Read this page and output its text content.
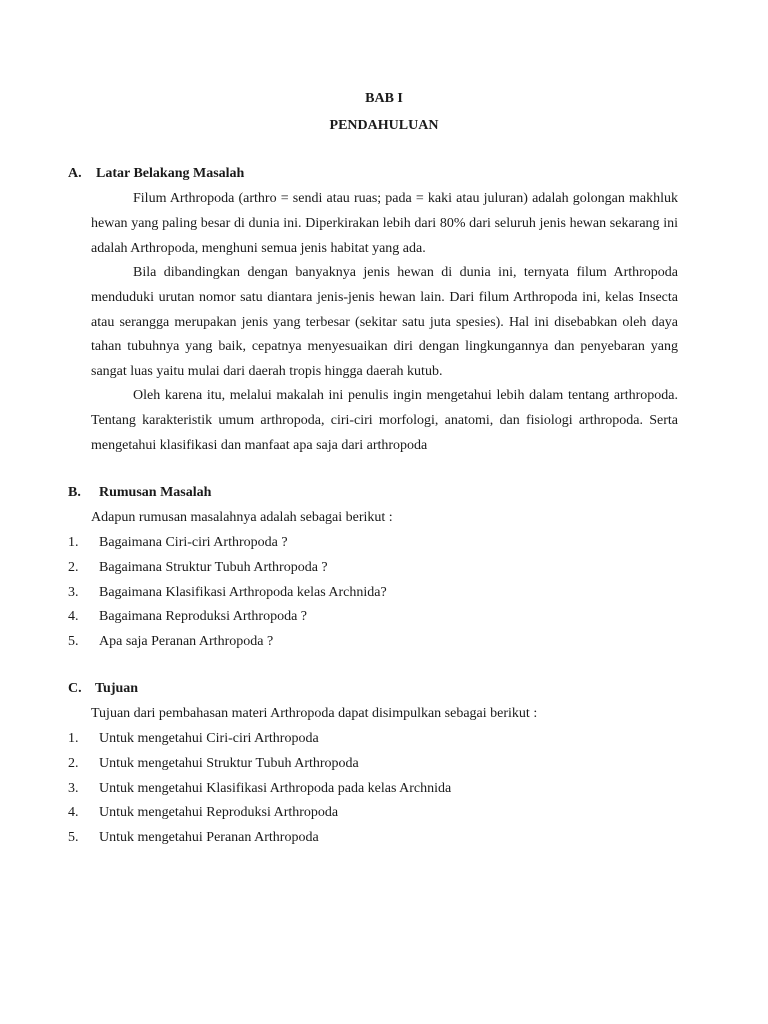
BAB I
PENDAHULUAN
A. Latar Belakang Masalah
Filum Arthropoda (arthro = sendi atau ruas; pada = kaki atau juluran) adalah golongan makhluk hewan yang paling besar di dunia ini. Diperkirakan lebih dari 80% dari seluruh jenis hewan sekarang ini adalah Arthropoda, menghuni semua jenis habitat yang ada.
Bila dibandingkan dengan banyaknya jenis hewan di dunia ini, ternyata filum Arthropoda menduduki urutan nomor satu diantara jenis-jenis hewan lain. Dari filum Arthropoda ini, kelas Insecta atau serangga merupakan jenis yang terbesar (sekitar satu juta spesies). Hal ini disebabkan oleh daya tahan tubuhnya yang baik, cepatnya menyesuaikan diri dengan lingkungannya dan penyebaran yang sangat luas yaitu mulai dari daerah tropis hingga daerah kutub.
Oleh karena itu, melalui makalah ini penulis ingin mengetahui lebih dalam tentang arthropoda. Tentang karakteristik umum arthropoda, ciri-ciri morfologi, anatomi, dan fisiologi arthropoda. Serta mengetahui klasifikasi dan manfaat apa saja dari arthropoda
B. Rumusan Masalah
Adapun rumusan masalahnya adalah sebagai berikut :
1. Bagaimana Ciri-ciri Arthropoda ?
2. Bagaimana Struktur Tubuh Arthropoda ?
3. Bagaimana Klasifikasi Arthropoda kelas Archnida?
4. Bagaimana Reproduksi Arthropoda ?
5. Apa saja Peranan Arthropoda ?
C. Tujuan
Tujuan dari pembahasan materi Arthropoda dapat disimpulkan sebagai berikut :
1. Untuk mengetahui Ciri-ciri Arthropoda
2. Untuk mengetahui Struktur Tubuh Arthropoda
3. Untuk mengetahui Klasifikasi Arthropoda pada kelas Archnida
4. Untuk mengetahui Reproduksi Arthropoda
5. Untuk mengetahui Peranan Arthropoda
